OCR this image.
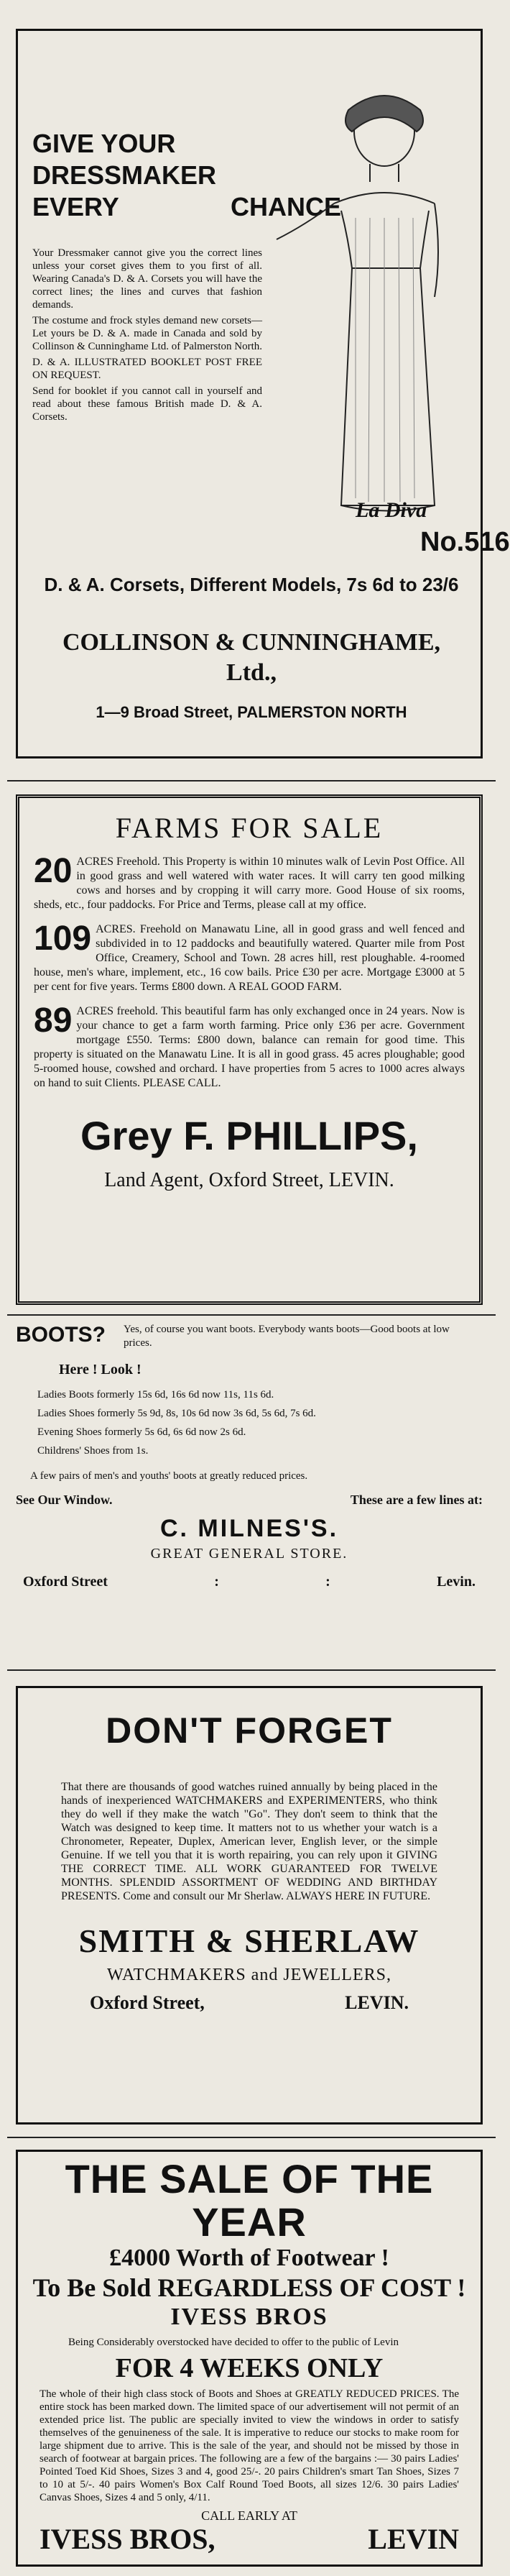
GIVE YOUR
DRESSMAKER
EVERY	CHANCE

Your Dressmaker cannot give you the correct lines unless your corset gives them to you first of all. Wearing Canada's D. & A. Corsets you will have the correct lines; the lines and curves that fashion demands.

The costume and frock styles demand new corsets—Let yours be D. & A. made in Canada and sold by Collinson & Cunninghame Ltd. of Palmerston North.

D. & A. ILLUSTRATED BOOKLET POST FREE ON REQUEST.

Send for booklet if you cannot call in yourself and read about these famous British made D. & A. Corsets.

La Diva
No.516
D. & A. Corsets, Different Models, 7s 6d to 23/6
COLLINSON & CUNNINGHAME,
Ltd.,
1—9 Broad Street, PALMERSTON NORTH
FARMS FOR SALE
20 ACRES Freehold. This Property is within 10 minutes walk of Levin Post Office. All in good grass and well watered with water races. It will carry ten good milking cows and horses and by cropping it will carry more. Good House of six rooms, sheds, etc., four paddocks. For Price and Terms, please call at my office.
109 ACRES. Freehold on Manawatu Line, all in good grass and well fenced and subdivided in to 12 paddocks and beautifully watered. Quarter mile from Post Office, Creamery, School and Town. 28 acres hill, rest ploughable. 4-roomed house, men's whare, implement, etc., 16 cow bails. Price £30 per acre. Mortgage £3000 at 5 per cent for five years. Terms £800 down. A REAL GOOD FARM.
89 ACRES freehold. This beautiful farm has only exchanged once in 24 years. Now is your chance to get a farm worth farming. Price only £36 per acre. Government mortgage £550. Terms: £800 down, balance can remain for good time. This property is situated on the Manawatu Line. It is all in good grass. 45 acres ploughable; good 5-roomed house, cowshed and orchard. I have properties from 5 acres to 1000 acres always on hand to suit Clients. PLEASE CALL.
Grey F. PHILLIPS,
Land Agent, Oxford Street, LEVIN.
BOOTS?	Yes, of course you want boots. Everybody wants boots—Good boots at low prices.
Here ! Look !
Ladies Boots formerly 15s 6d, 16s 6d now 11s, 11s 6d.
Ladies Shoes formerly 5s 9d, 8s, 10s 6d now 3s 6d, 5s 6d, 7s 6d.
Evening Shoes formerly 5s 6d, 6s 6d now 2s 6d.
Childrens' Shoes from 1s.
A few pairs of men's and youths' boots at greatly reduced prices.
See Our Window.	These are a few lines at:
C. MILNES'S.
GREAT GENERAL STORE.
Oxford Street	:	:	Levin.
DON'T FORGET
That there are thousands of good watches ruined annually by being placed in the hands of inexperienced WATCHMAKERS and EXPERIMENTERS, who think they do well if they make the watch "Go". They don't seem to think that the Watch was designed to keep time. It matters not to us whether your watch is a Chronometer, Repeater, Duplex, American lever, English lever, or the simple Genuine. If we tell you that it is worth repairing, you can rely upon it GIVING THE CORRECT TIME. ALL WORK GUARANTEED FOR TWELVE MONTHS. SPLENDID ASSORTMENT OF WEDDING AND BIRTHDAY PRESENTS. Come and consult our Mr Sherlaw. ALWAYS HERE IN FUTURE.
SMITH & SHERLAW
WATCHMAKERS and JEWELLERS,
Oxford Street,	LEVIN.
THE SALE OF THE YEAR
£4000 Worth of Footwear !
To Be Sold REGARDLESS OF COST !
IVESS BROS
Being Considerably overstocked have decided to offer to the public of Levin
FOR 4 WEEKS ONLY
The whole of their high class stock of Boots and Shoes at GREATLY REDUCED PRICES. The entire stock has been marked down. The limited space of our advertisement will not permit of an extended price list. The public are specially invited to view the windows in order to satisfy themselves of the genuineness of the sale. It is imperative to reduce our stocks to make room for large shipment due to arrive. This is the sale of the year, and should not be missed by those in search of footwear at bargain prices. The following are a few of the bargains :— 30 pairs Ladies' Pointed Toed Kid Shoes, Sizes 3 and 4, good 25/-. 20 pairs Children's smart Tan Shoes, Sizes 7 to 10 at 5/-. 40 pairs Women's Box Calf Round Toed Boots, all sizes 12/6. 30 pairs Ladies' Canvas Shoes, Sizes 4 and 5 only, 4/11.
CALL EARLY AT
IVESS BROS,	LEVIN
